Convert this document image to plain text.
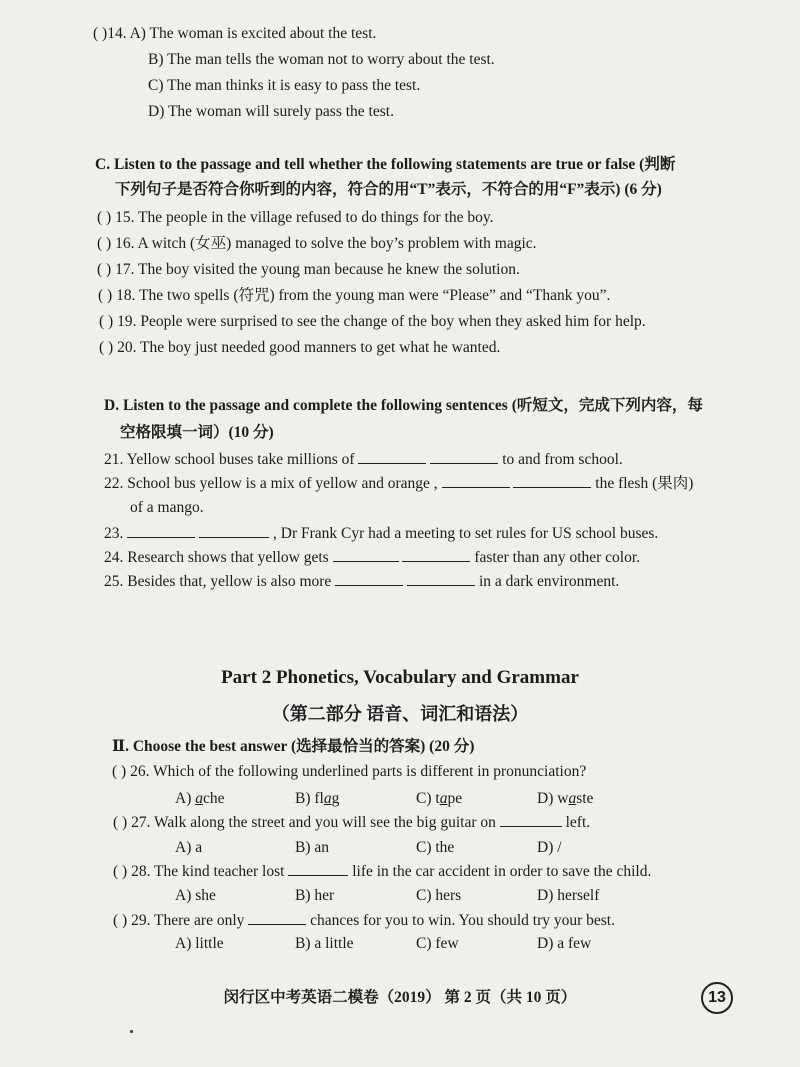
( )14. A) The woman is excited about the test.
B) The man tells the woman not to worry about the test.
C) The man thinks it is easy to pass the test.
D) The woman will surely pass the test.
C. Listen to the passage and tell whether the following statements are true or false (判断
下列句子是否符合你听到的内容，符合的用“T”表示，不符合的用“F”表示) (6 分)
( ) 15. The people in the village refused to do things for the boy.
( ) 16. A witch (女巫) managed to solve the boy’s problem with magic.
( ) 17. The boy visited the young man because he knew the solution.
( ) 18. The two spells (符咒) from the young man were “Please” and “Thank you”.
( ) 19. People were surprised to see the change of the boy when they asked him for help.
( ) 20. The boy just needed good manners to get what he wanted.
D. Listen to the passage and complete the following sentences (听短文，完成下列内容，每
空格限填一词）(10 分)
21. Yellow school buses take millions of	to and from school.
22. School bus yellow is a mix of yellow and orange ,	the flesh (果肉)
of a mango.
23.	, Dr Frank Cyr had a meeting to set rules for US school buses.
24. Research shows that yellow gets	faster than any other color.
25. Besides that, yellow is also more	in a dark environment.
Part 2 Phonetics, Vocabulary and Grammar
（第二部分 语音、词汇和语法）
Ⅱ. Choose the best answer (选择最恰当的答案) (20 分)
( ) 26. Which of the following underlined parts is different in pronunciation?
A) ache	B) flag	C) tape	D) waste
( ) 27. Walk along the street and you will see the big guitar on	left.
A) a	B) an	C) the	D) /
( ) 28. The kind teacher lost	life in the car accident in order to save the child.
A) she	B) her	C) hers	D) herself
( ) 29. There are only	chances for you to win. You should try your best.
A) little	B) a little	C) few	D) a few
闵行区中考英语二模卷（2019） 第 2 页（共 10 页）	13
